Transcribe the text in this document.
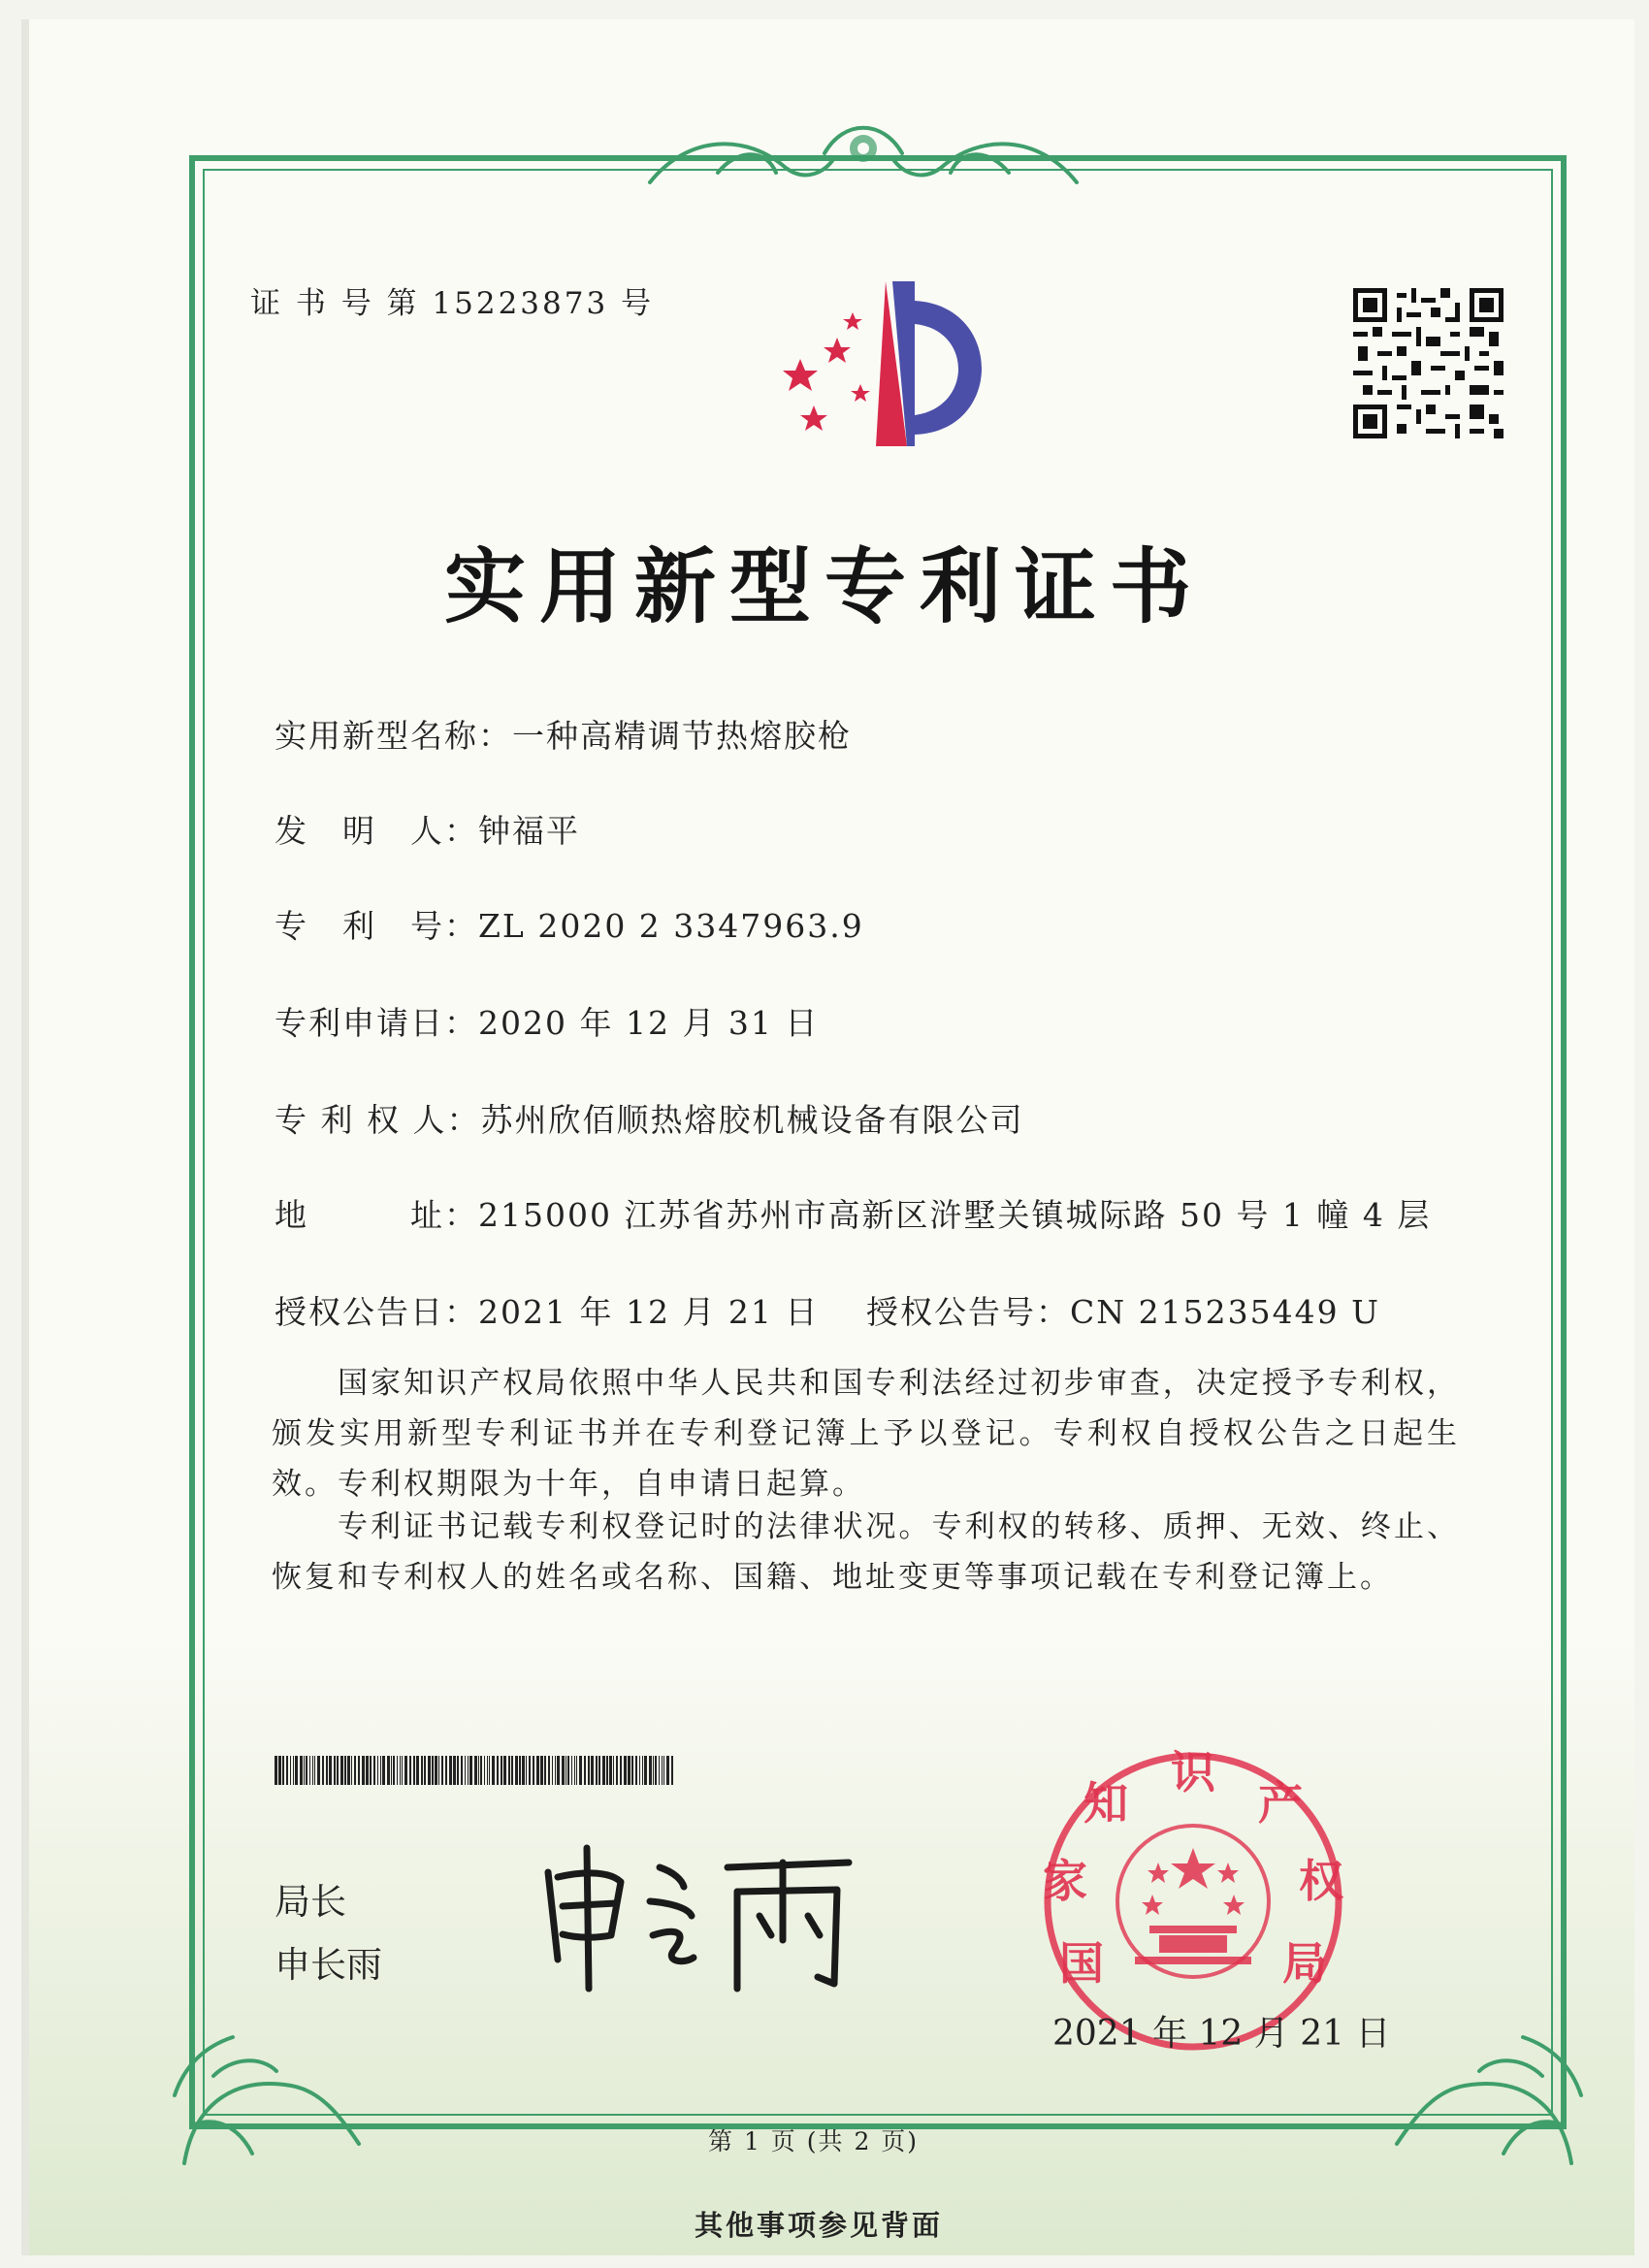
证 书 号 第 15223873 号
实用新型专利证书
实用新型名称：一种高精调节热熔胶枪
发　明　人：钟福平
专　利　号：ZL 2020 2 3347963.9
专利申请日：2020 年 12 月 31 日
专 利 权 人：苏州欣佰顺热熔胶机械设备有限公司
地　　　址：215000 江苏省苏州市高新区浒墅关镇城际路 50 号 1 幢 4 层
授权公告日：2021 年 12 月 21 日 授权公告号：CN 215235449 U
国家知识产权局依照中华人民共和国专利法经过初步审查，决定授予专利权，颁发实用新型专利证书并在专利登记簿上予以登记。专利权自授权公告之日起生效。专利权期限为十年，自申请日起算。
专利证书记载专利权登记时的法律状况。专利权的转移、质押、无效、终止、恢复和专利权人的姓名或名称、国籍、地址变更等事项记载在专利登记簿上。
局长
申长雨	国
家
知
识
产
权
局
2021 年 12 月 21 日
第 1 页 (共 2 页)
其他事项参见背面
